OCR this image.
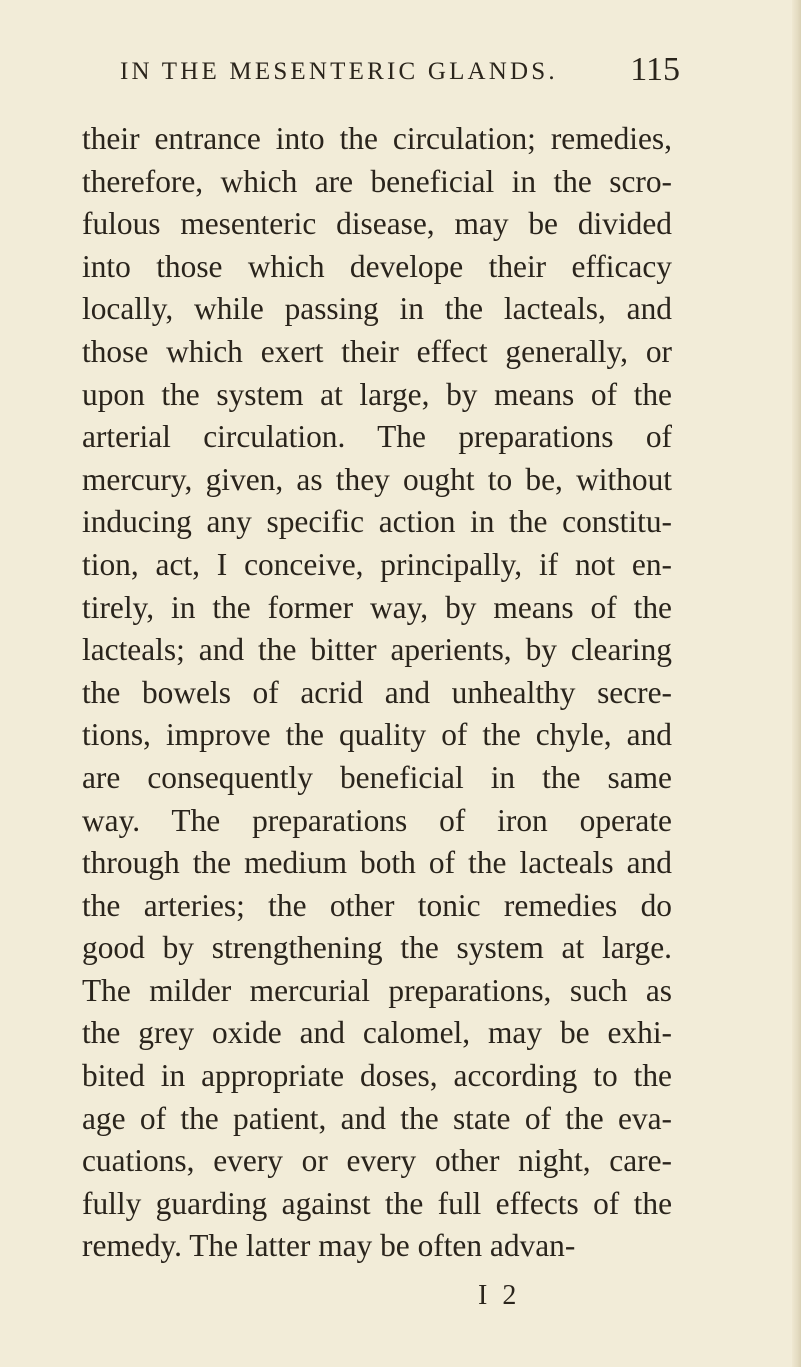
IN THE MESENTERIC GLANDS. 115
their entrance into the circulation; remedies,
therefore, which are beneficial in the scro-
fulous mesenteric disease, may be divided
into those which develope their efficacy
locally, while passing in the lacteals, and
those which exert their effect generally, or
upon the system at large, by means of the
arterial circulation. The preparations of
mercury, given, as they ought to be, without
inducing any specific action in the constitu-
tion, act, I conceive, principally, if not en-
tirely, in the former way, by means of the
lacteals; and the bitter aperients, by clearing
the bowels of acrid and unhealthy secre-
tions, improve the quality of the chyle, and
are consequently beneficial in the same
way. The preparations of iron operate
through the medium both of the lacteals and
the arteries; the other tonic remedies do
good by strengthening the system at large.
The milder mercurial preparations, such as
the grey oxide and calomel, may be exhi-
bited in appropriate doses, according to the
age of the patient, and the state of the eva-
cuations, every or every other night, care-
fully guarding against the full effects of the
remedy. The latter may be often advan-
I 2
